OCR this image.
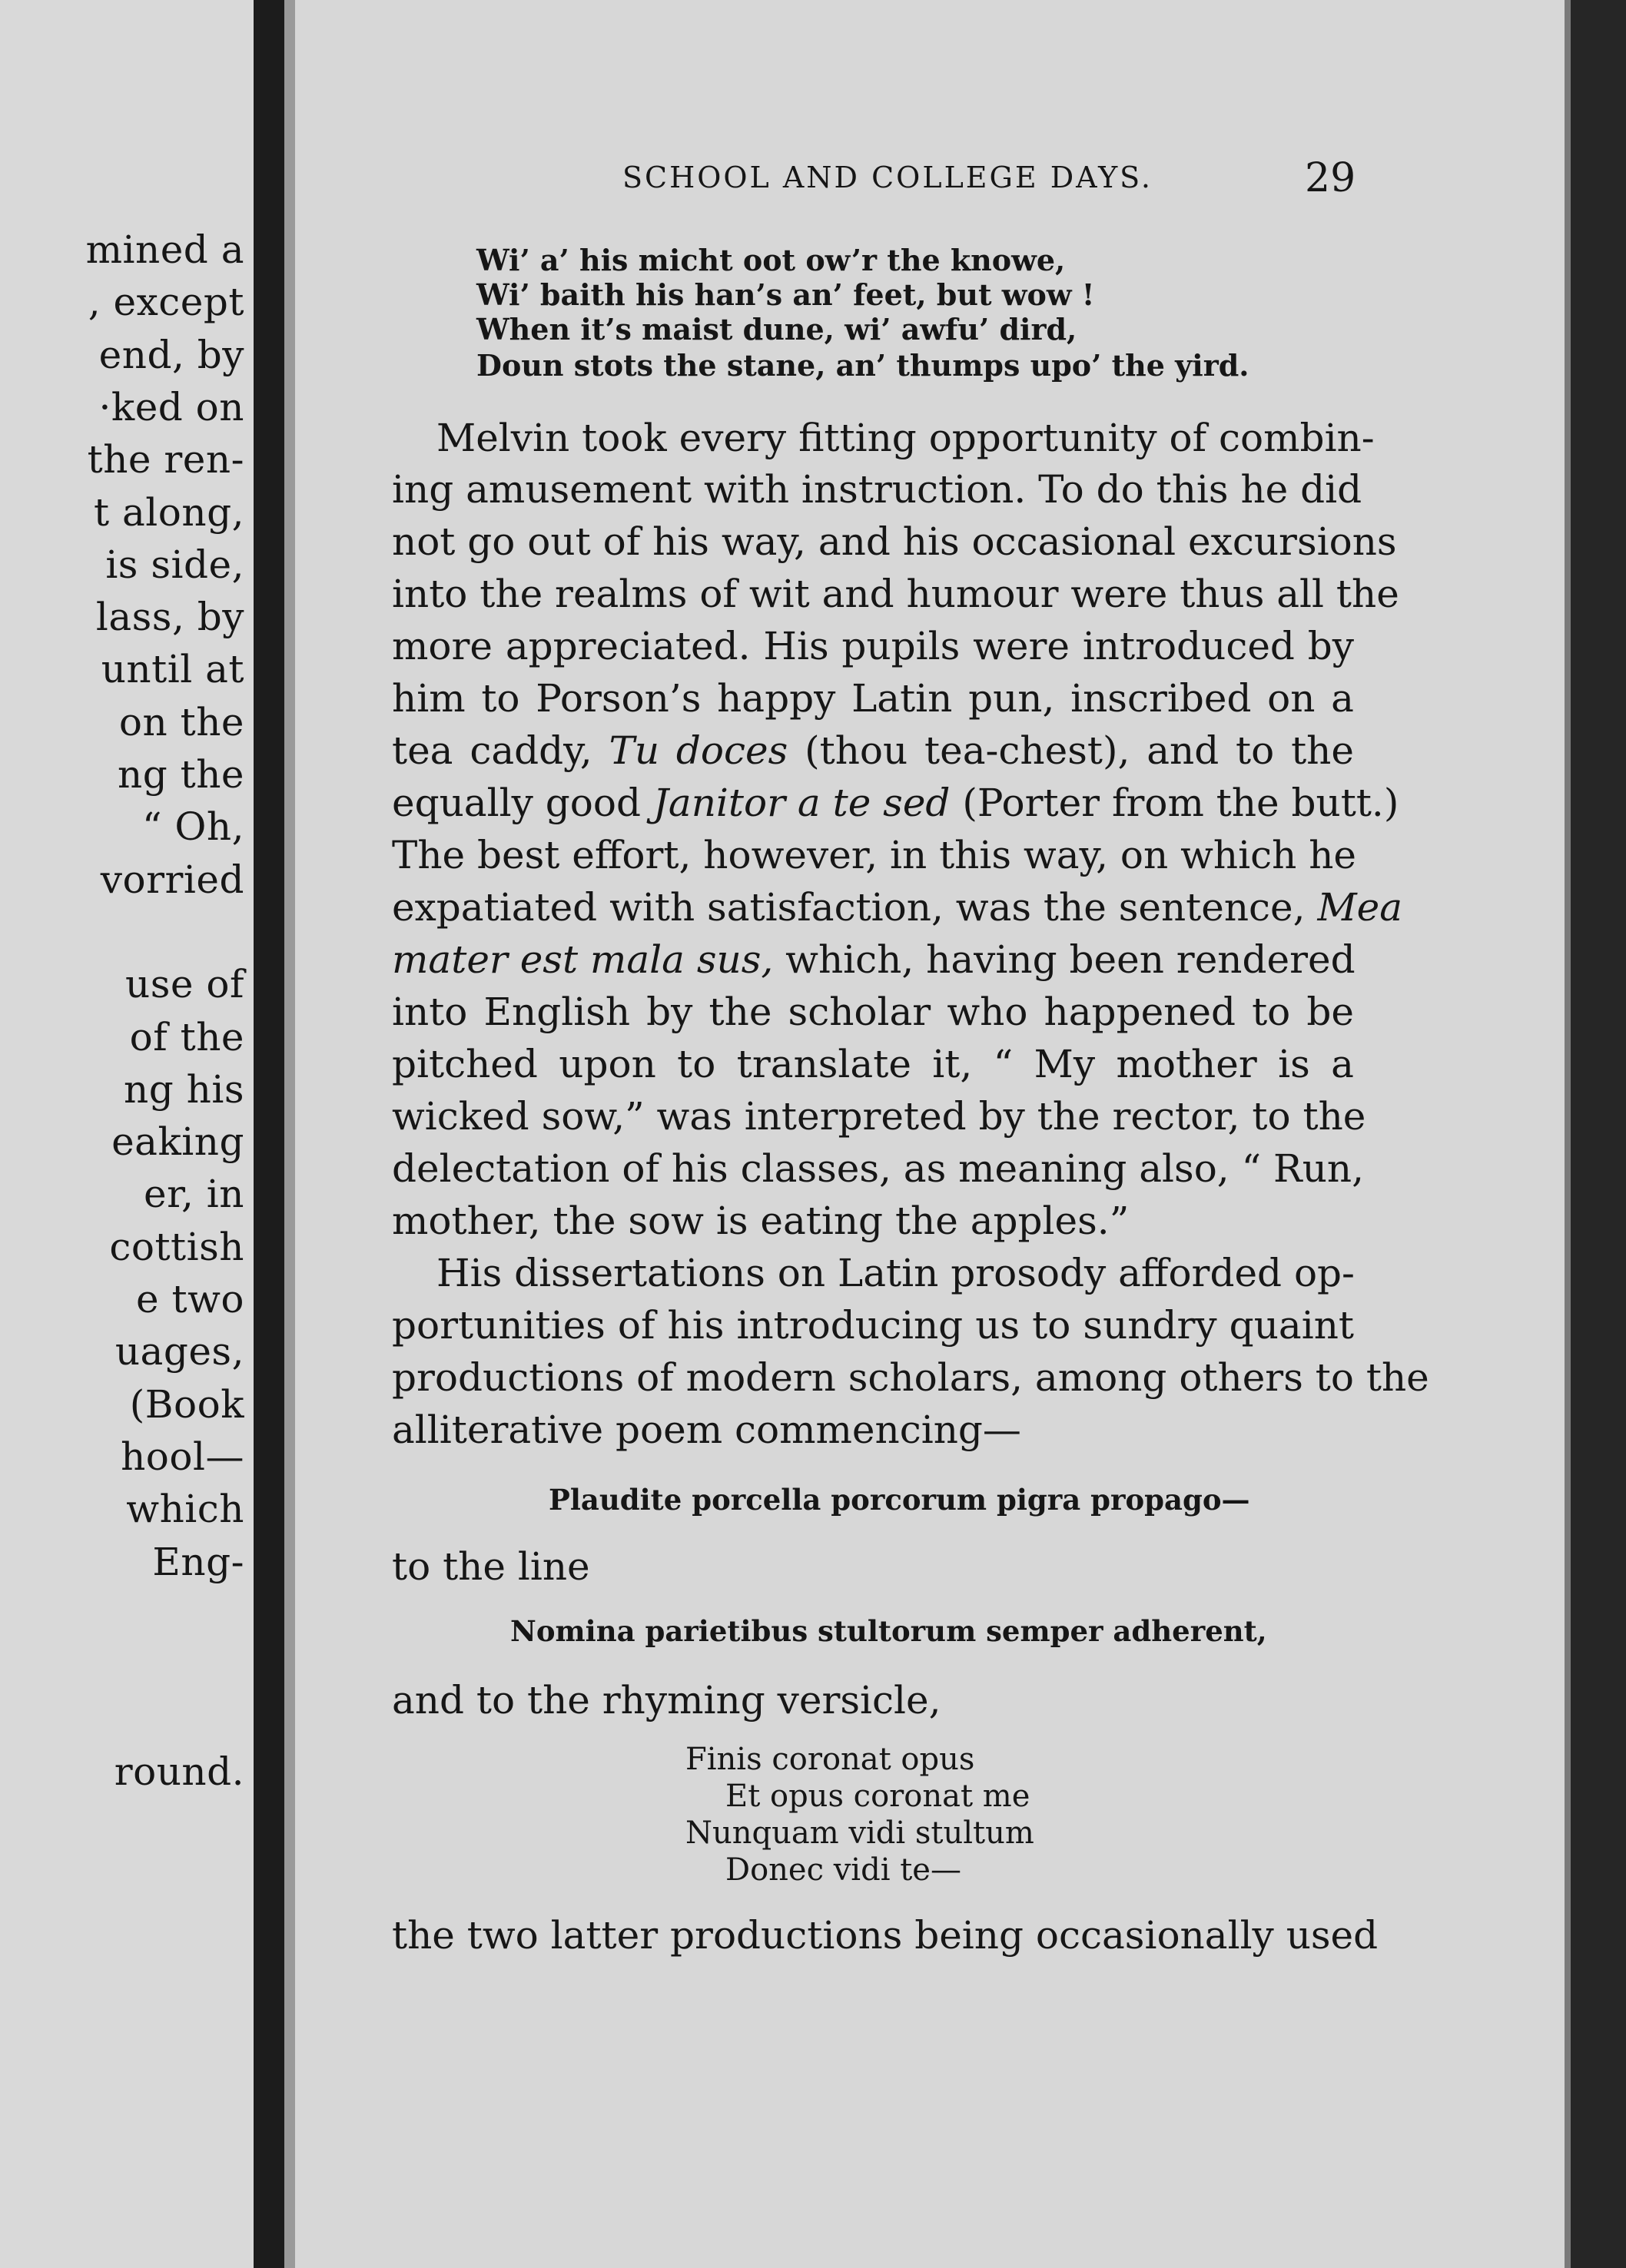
mined a
, except
end, by
·ked on
the ren-
t along,
is side,
lass, by
until at
on the
ng the
“ Oh,
vorried
use of
of the
ng his
eaking
er, in
cottish
e two
uages,
(Book
hool—
which
Eng-
round.
SCHOOL AND COLLEGE DAYS.	29
Wi’ a’ his micht oot ow’r the knowe,
Wi’ baith his han’s an’ feet, but wow !
When it’s maist dune, wi’ awfu’ dird,
Doun stots the stane, an’ thumps upo’ the yird.
Melvin took every fitting opportunity of combin-
ing amusement with instruction. To do this he did
not go out of his way, and his occasional excursions
into the realms of wit and humour were thus all the
more appreciated. His pupils were introduced by
him to Porson’s happy Latin pun, inscribed on a
tea caddy, Tu doces (thou tea-chest), and to the
equally good Janitor a te sed (Porter from the butt.)
The best effort, however, in this way, on which he
expatiated with satisfaction, was the sentence, Mea
mater est mala sus, which, having been rendered
into English by the scholar who happened to be
pitched upon to translate it, “ My mother is a
wicked sow,” was interpreted by the rector, to the
delectation of his classes, as meaning also, “ Run,
mother, the sow is eating the apples.”
His dissertations on Latin prosody afforded op-
portunities of his introducing us to sundry quaint
productions of modern scholars, among others to the
alliterative poem commencing—
Plaudite porcella porcorum pigra propago—
to the line
Nomina parietibus stultorum semper adherent,
and to the rhyming versicle,
Finis coronat opus
Et opus coronat me
Nunquam vidi stultum
Donec vidi te—
the two latter productions being occasionally used
